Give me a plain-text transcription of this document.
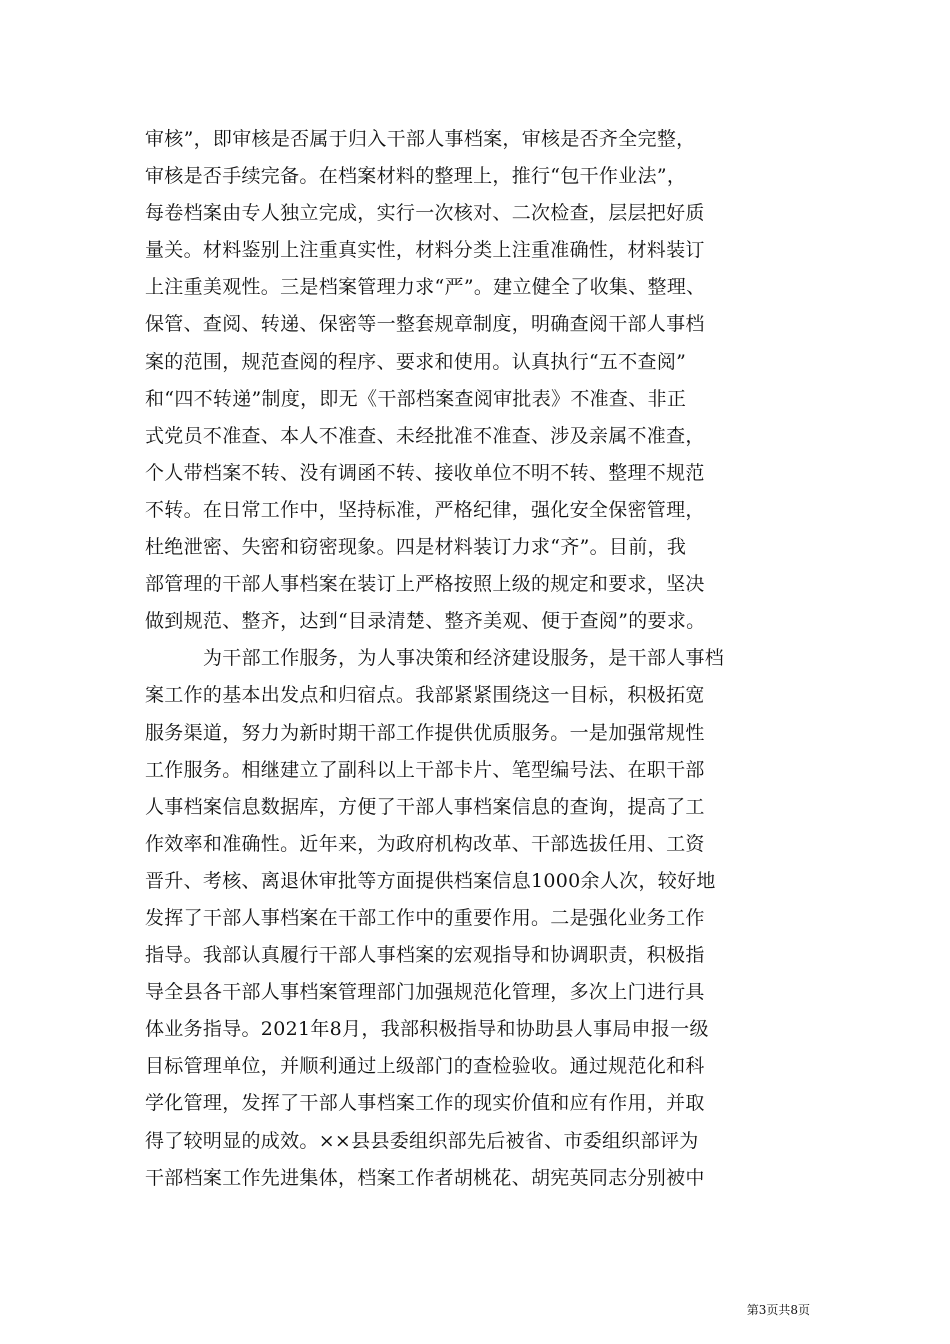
审核”，即审核是否属于归入干部人事档案，审核是否齐全完整，
审核是否手续完备。在档案材料的整理上，推行“包干作业法”，
每卷档案由专人独立完成，实行一次核对、二次检查，层层把好质
量关。材料鉴别上注重真实性，材料分类上注重准确性，材料装订
上注重美观性。三是档案管理力求“严”。建立健全了收集、整理、
保管、查阅、转递、保密等一整套规章制度，明确查阅干部人事档
案的范围，规范查阅的程序、要求和使用。认真执行“五不查阅”
和“四不转递”制度，即无《干部档案查阅审批表》不准查、非正
式党员不准查、本人不准查、未经批准不准查、涉及亲属不准查，
个人带档案不转、没有调函不转、接收单位不明不转、整理不规范
不转。在日常工作中，坚持标准，严格纪律，强化安全保密管理，
杜绝泄密、失密和窃密现象。四是材料装订力求“齐”。目前，我
部管理的干部人事档案在装订上严格按照上级的规定和要求，坚决
做到规范、整齐，达到“目录清楚、整齐美观、便于查阅”的要求。
为干部工作服务，为人事决策和经济建设服务，是干部人事档
案工作的基本出发点和归宿点。我部紧紧围绕这一目标，积极拓宽
服务渠道，努力为新时期干部工作提供优质服务。一是加强常规性
工作服务。相继建立了副科以上干部卡片、笔型编号法、在职干部
人事档案信息数据库，方便了干部人事档案信息的查询，提高了工
作效率和准确性。近年来，为政府机构改革、干部选拔任用、工资
晋升、考核、离退休审批等方面提供档案信息1000余人次，较好地
发挥了干部人事档案在干部工作中的重要作用。二是强化业务工作
指导。我部认真履行干部人事档案的宏观指导和协调职责，积极指
导全县各干部人事档案管理部门加强规范化管理，多次上门进行具
体业务指导。2021年8月，我部积极指导和协助县人事局申报一级
目标管理单位，并顺利通过上级部门的查检验收。通过规范化和科
学化管理，发挥了干部人事档案工作的现实价值和应有作用，并取
得了较明显的成效。××县县委组织部先后被省、市委组织部评为
干部档案工作先进集体，档案工作者胡桃花、胡宪英同志分别被中
第3页共8页
